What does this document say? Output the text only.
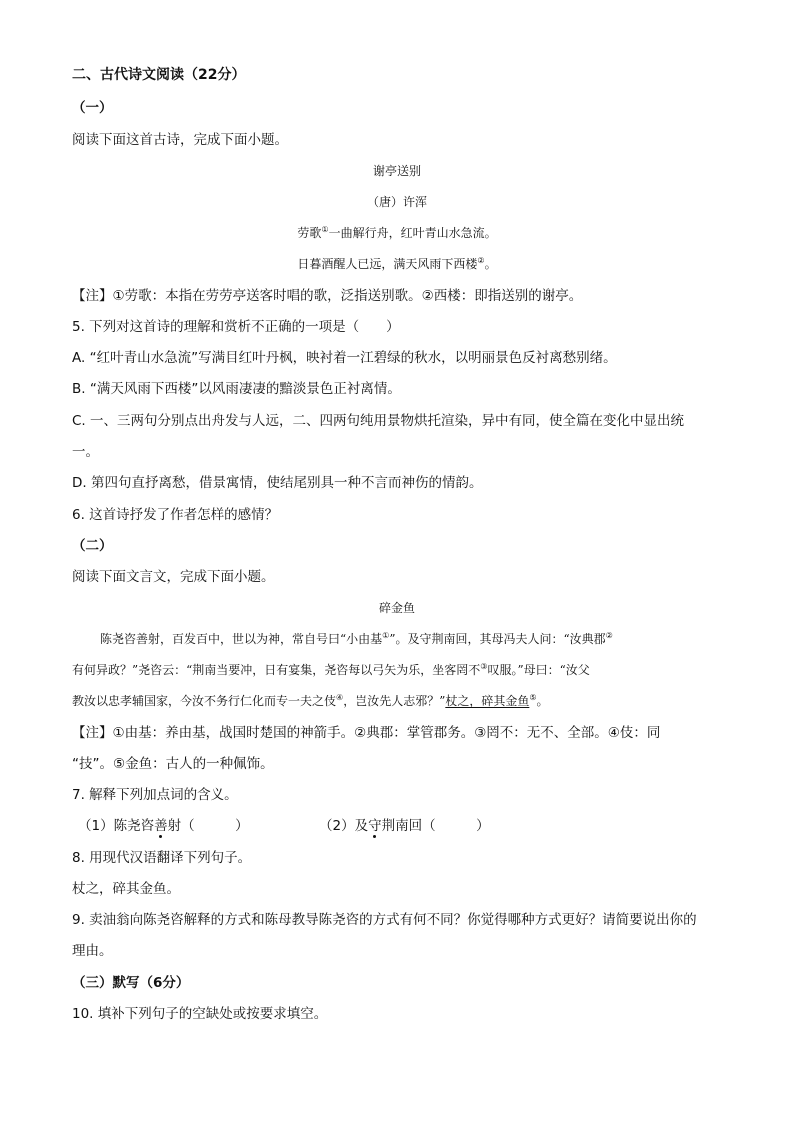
二、古代诗文阅读（22分）
（一）
阅读下面这首古诗，完成下面小题。
谢亭送别
（唐）许浑
劳歌①一曲解行舟，红叶青山水急流。
日暮酒醒人已远，满天风雨下西楼②。
【注】①劳歌：本指在劳劳亭送客时唱的歌，泛指送别歌。②西楼：即指送别的谢亭。
5. 下列对这首诗的理解和赏析不正确的一项是（　　）
A. “红叶青山水急流”写满目红叶丹枫，映衬着一江碧绿的秋水，以明丽景色反衬离愁别绪。
B. “满天风雨下西楼”以风雨凄凄的黯淡景色正衬离情。
C. 一、三两句分别点出舟发与人远，二、四两句纯用景物烘托渲染，异中有同，使全篇在变化中显出统
一。
D. 第四句直抒离愁，借景寓情，使结尾别具一种不言而神伤的情韵。
6. 这首诗抒发了作者怎样的感情？
（二）
阅读下面文言文，完成下面小题。
碎金鱼
陈尧咨善射，百发百中，世以为神，常自号曰“小由基①”。及守荆南回，其母冯夫人问：“汝典郡②
有何异政？”尧咨云：“荆南当要冲，日有宴集，尧咨每以弓矢为乐，坐客罔不③叹服。”母曰：“汝父
教汝以忠孝辅国家，今汝不务行仁化而专一夫之伎④，岂汝先人志邪？”杖之，碎其金鱼⑤。
【注】①由基：养由基，战国时楚国的神箭手。②典郡：掌管郡务。③罔不：无不、全部。④伎：同
“技”。⑤金鱼：古人的一种佩饰。
7. 解释下列加点词的含义。
（1）陈尧咨善射（　　　）	（2）及守荆南回（　　　）
8. 用现代汉语翻译下列句子。
杖之，碎其金鱼。
9. 卖油翁向陈尧咨解释的方式和陈母教导陈尧咨的方式有何不同？你觉得哪种方式更好？请简要说出你的
理由。
（三）默写（6分）
10. 填补下列句子的空缺处或按要求填空。
